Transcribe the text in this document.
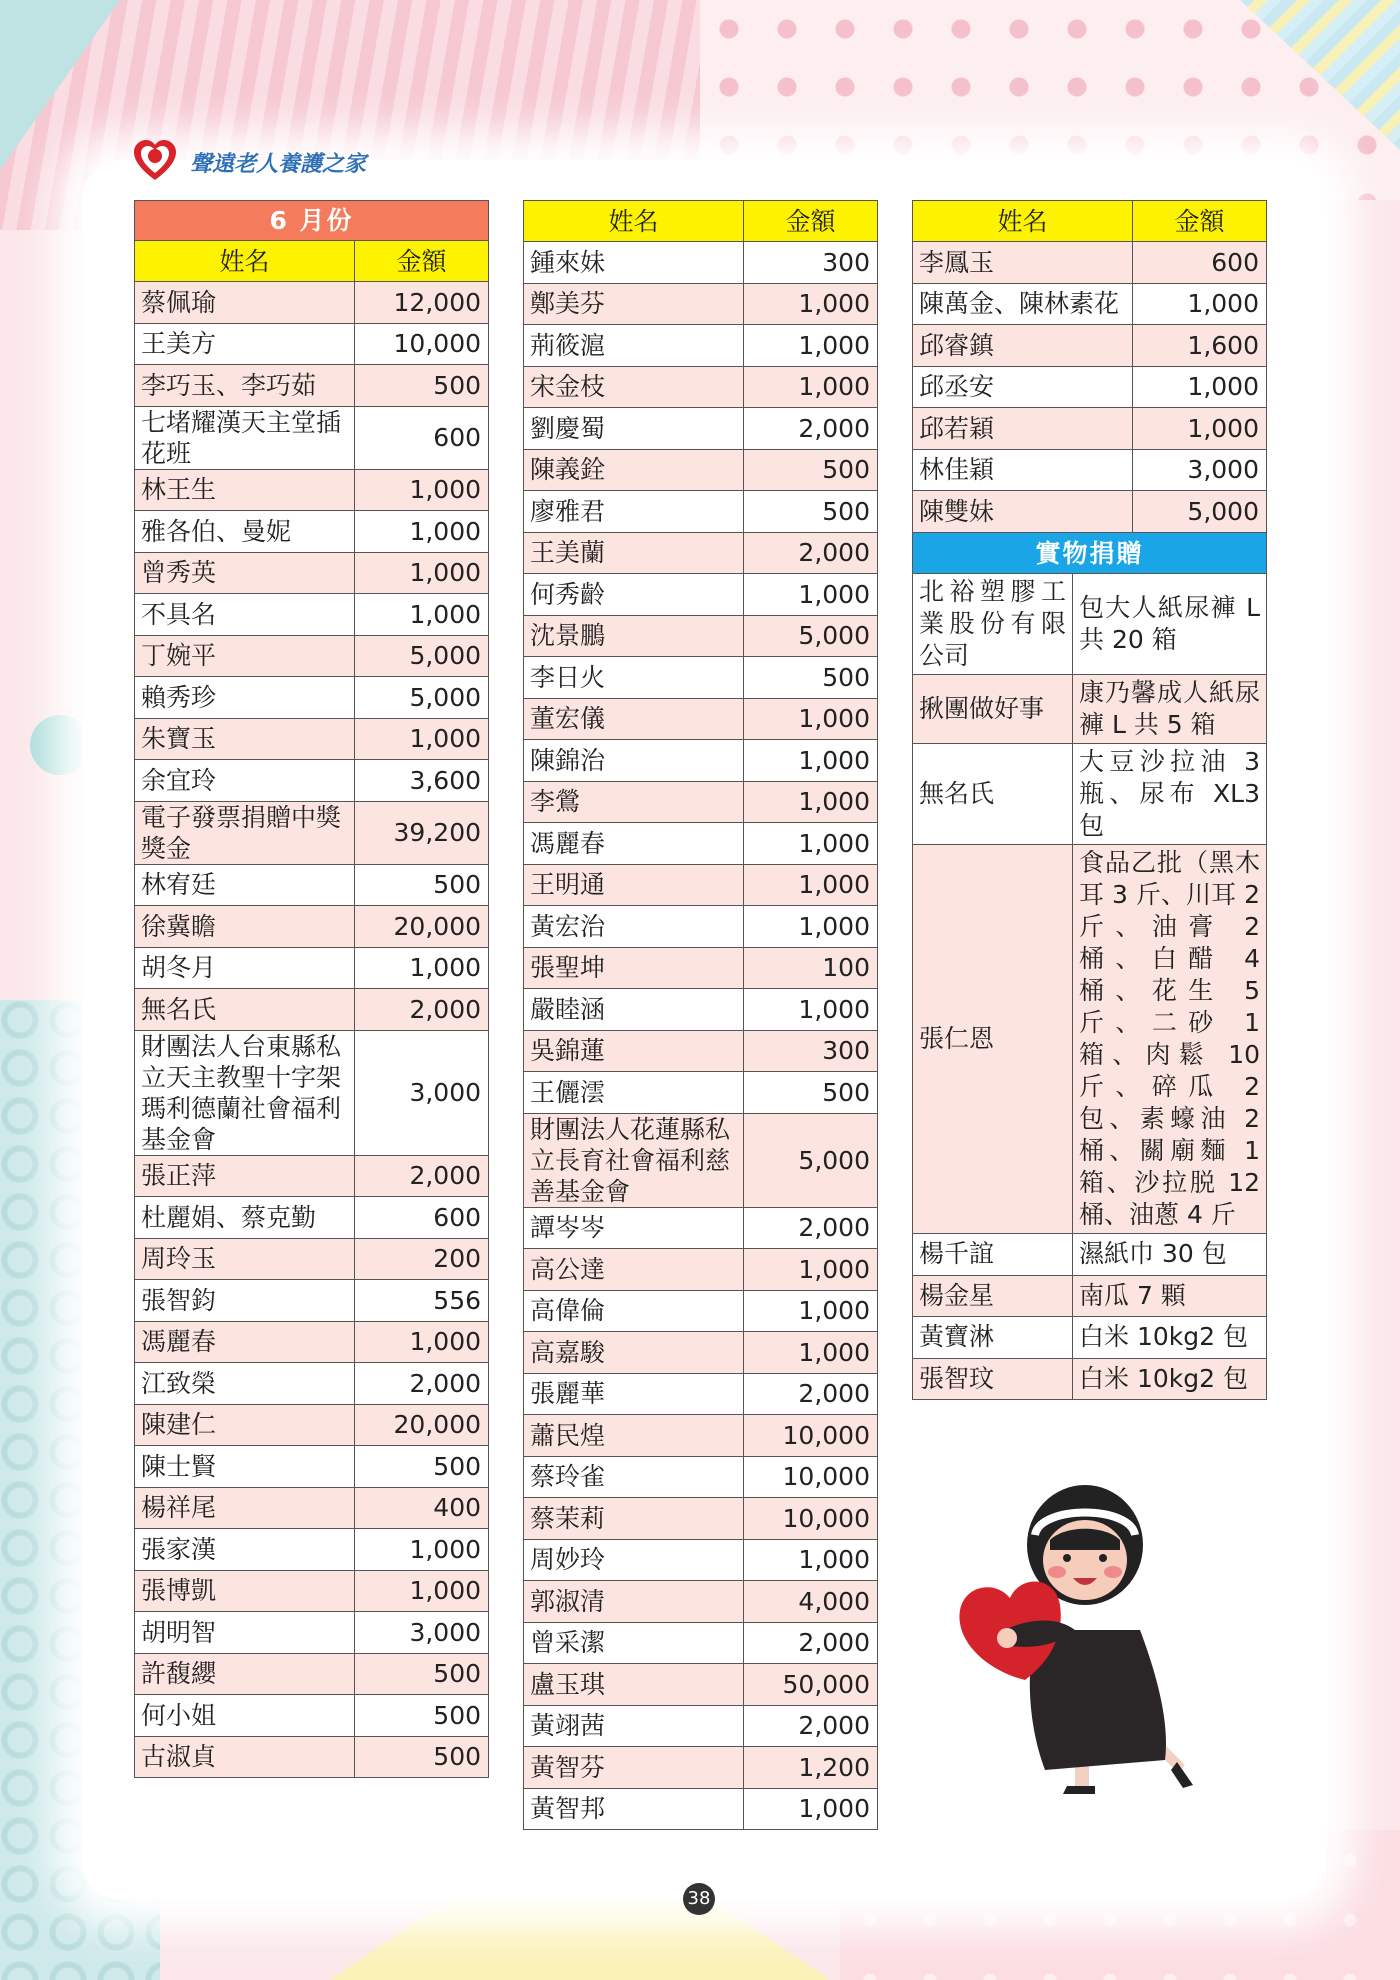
聲遠老人養護之家
6 月份	
姓名	金額
蔡佩瑜	12,000
王美方	10,000
李巧玉、李巧茹	500
七堵耀漢天主堂插花班	600
林王生	1,000
雅各伯、曼妮	1,000
曾秀英	1,000
不具名	1,000
丁婉平	5,000
賴秀珍	5,000
朱寶玉	1,000
余宜玲	3,600
電子發票捐贈中獎獎金	39,200
林宥廷	500
徐冀瞻	20,000
胡冬月	1,000
無名氏	2,000
財團法人台東縣私立天主教聖十字架瑪利德蘭社會福利基金會	3,000
張正萍	2,000
杜麗娟、蔡克勤	600
周玲玉	200
張智鈞	556
馮麗春	1,000
江致榮	2,000
陳建仁	20,000
陳士賢	500
楊祥尾	400
張家漢	1,000
張博凱	1,000
胡明智	3,000
許馥纓	500
何小姐	500
古淑貞	500
姓名	金額
鍾來妹	300
鄭美芬	1,000
荊筱滬	1,000
宋金枝	1,000
劉慶蜀	2,000
陳義銓	500
廖雅君	500
王美蘭	2,000
何秀齡	1,000
沈景鵬	5,000
李日火	500
董宏儀	1,000
陳錦治	1,000
李鶯	1,000
馮麗春	1,000
王明通	1,000
黃宏治	1,000
張聖坤	100
嚴睦涵	1,000
吳錦蓮	300
王儷澐	500
財團法人花蓮縣私立長育社會福利慈善基金會	5,000
譚岑岑	2,000
高公達	1,000
高偉倫	1,000
高嘉駿	1,000
張麗華	2,000
蕭民煌	10,000
蔡玲雀	10,000
蔡茉莉	10,000
周妙玲	1,000
郭淑清	4,000
曾采潔	2,000
盧玉琪	50,000
黃翊茜	2,000
黃智芬	1,200
黃智邦	1,000
姓名	金額
李鳳玉	600
陳萬金、陳林素花	1,000
邱睿鎮	1,600
邱丞安	1,000
邱若穎	1,000
林佳穎	3,000
陳雙妹	5,000
實物捐贈	
北裕塑膠工業股份有限公司	包大人紙尿褲 L 共 20 箱
揪團做好事	康乃馨成人紙尿褲 L 共 5 箱
無名氏	大豆沙拉油 3 瓶、尿布 XL3 包
張仁恩	食品乙批（黑木耳 3 斤、川耳 2 斤、油膏 2 桶、白醋 4 桶、花生 5 斤、二砂 1 箱、肉鬆 10 斤、碎瓜 2 包、素蠔油 2 桶、關廟麵 1 箱、沙拉脱 12 桶、油蔥 4 斤
楊千誼	濕紙巾 30 包
楊金星	南瓜 7 顆
黃寶淋	白米 10kg2 包
張智玟	白米 10kg2 包
38
